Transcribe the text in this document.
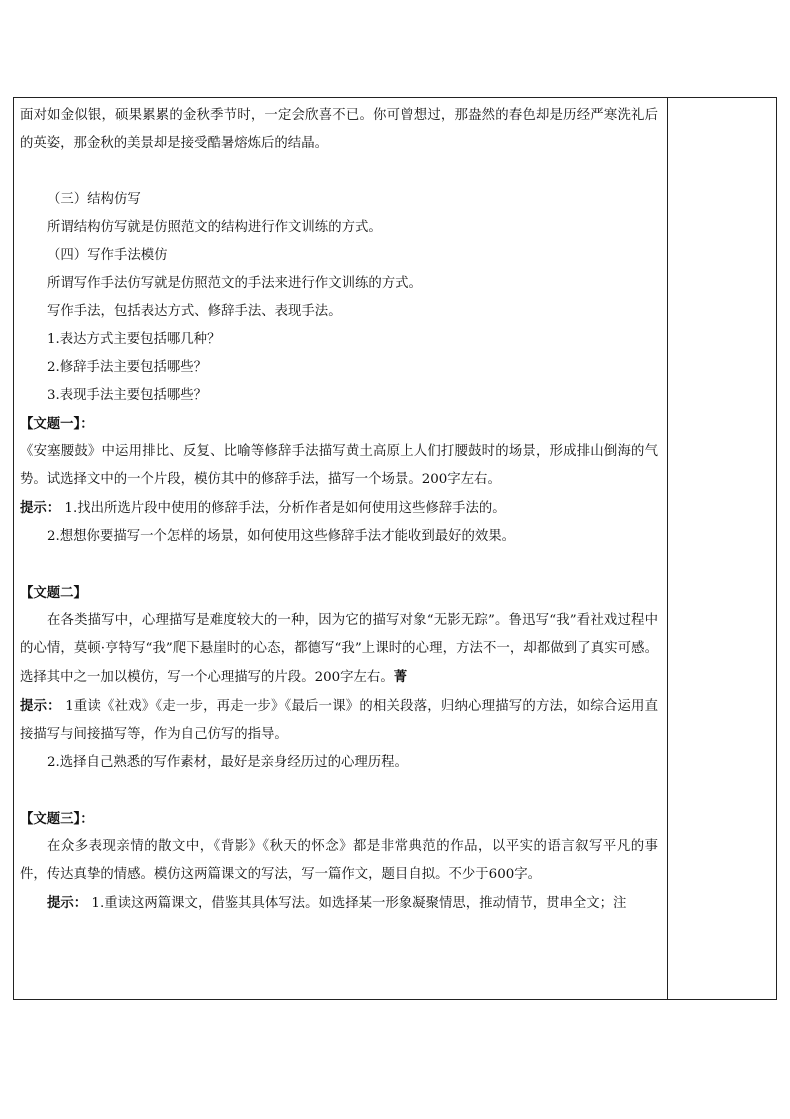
面对如金似银，硕果累累的金秋季节时，一定会欣喜不已。你可曾想过，那盎然的春色却是历经严寒洗礼后的英姿，那金秋的美景却是接受酷暑熔炼后的结晶。

（三）结构仿写

所谓结构仿写就是仿照范文的结构进行作文训练的方式。

（四）写作手法模仿

所谓写作手法仿写就是仿照范文的手法来进行作文训练的方式。

写作手法，包括表达方式、修辞手法、表现手法。

1.表达方式主要包括哪几种？

2.修辞手法主要包括哪些？

3.表现手法主要包括哪些？

【文题一】：

《安塞腰鼓》中运用排比、反复、比喻等修辞手法描写黄土高原上人们打腰鼓时的场景，形成排山倒海的气势。试选择文中的一个片段，模仿其中的修辞手法，描写一个场景。200字左右。

提示： 1.找出所选片段中使用的修辞手法，分析作者是如何使用这些修辞手法的。

2.想想你要描写一个怎样的场景，如何使用这些修辞手法才能收到最好的效果。

【文题二】

在各类描写中，心理描写是难度较大的一种，因为它的描写对象“无影无踪”。鲁迅写“我”看社戏过程中的心情，莫顿·亨特写“我”爬下悬崖时的心态，都德写“我”上课时的心理，方法不一，却都做到了真实可感。选择其中之一加以模仿，写一个心理描写的片段。200字左右。菁

提示： 1重读《社戏》《走一步，再走一步》《最后一课》的相关段落，归纳心理描写的方法，如综合运用直接描写与间接描写等，作为自己仿写的指导。

2.选择自己熟悉的写作素材，最好是亲身经历过的心理历程。

【文题三】：

在众多表现亲情的散文中，《背影》《秋天的怀念》都是非常典范的作品，以平实的语言叙写平凡的事件，传达真挚的情感。模仿这两篇课文的写法，写一篇作文，题目自拟。不少于600字。

提示： 1.重读这两篇课文，借鉴其具体写法。如选择某一形象凝聚情思，推动情节，贯串全文；注
